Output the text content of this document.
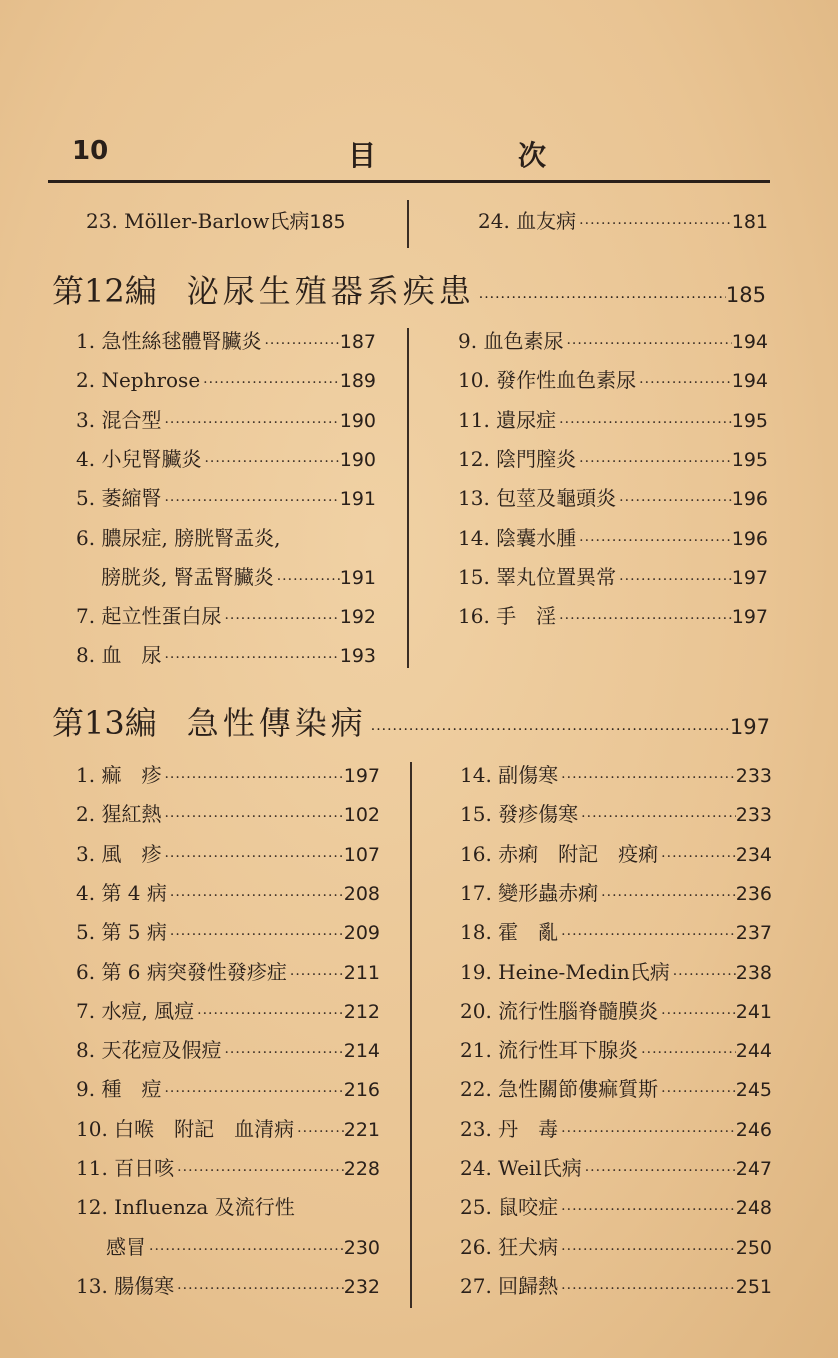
10	目	次
23. Möller-Barlow氏病 185	24. 血友病 ·····	181
第12編 泌尿生殖器系疾患 ·····	185
1. 急性絲毬體腎臟炎 ·····	187
2. Nephrose ·····	189
3. 混合型 ·····	190
4. 小兒腎臟炎 ·····	190
5. 萎縮腎 ·····	191
6. 膿尿症, 膀胱腎盂炎,
膀胱炎, 腎盂腎臟炎 ·····	191
7. 起立性蛋白尿 ·····	192
8. 血　尿 ·····	193
9. 血色素尿 ·····	194
10. 發作性血色素尿 ·····	194
11. 遺尿症 ·····	195
12. 陰門膣炎 ·····	195
13. 包莖及龜頭炎 ·····	196
14. 陰囊水腫 ·····	196
15. 睪丸位置異常 ·····	197
16. 手　淫 ·····	197
第13編 急性傳染病 ·····	197
1. 痲　疹 ·····	197
2. 猩紅熱 ·····	102
3. 風　疹 ·····	107
4. 第 4 病 ·····	208
5. 第 5 病 ·····	209
6. 第 6 病突發性發疹症 ·····	211
7. 水痘, 風痘 ·····	212
8. 天花痘及假痘 ·····	214
9. 種　痘 ·····	216
10. 白喉　附記　血清病 ·····	221
11. 百日咳 ·····	228
12. Influenza 及流行性
感冒 ·····	230
13. 腸傷寒 ·····	232
14. 副傷寒 ·····	233
15. 發疹傷寒 ·····	233
16. 赤痢　附記　疫痢 ·····	234
17. 變形蟲赤痢 ·····	236
18. 霍　亂 ·····	237
19. Heine-Medin氏病 ·····	238
20. 流行性腦脊髓膜炎 ·····	241
21. 流行性耳下腺炎 ·····	244
22. 急性關節僂痲質斯 ·····	245
23. 丹　毒 ·····	246
24. Weil氏病 ·····	247
25. 鼠咬症 ·····	248
26. 狂犬病 ·····	250
27. 回歸熱 ·····	251
